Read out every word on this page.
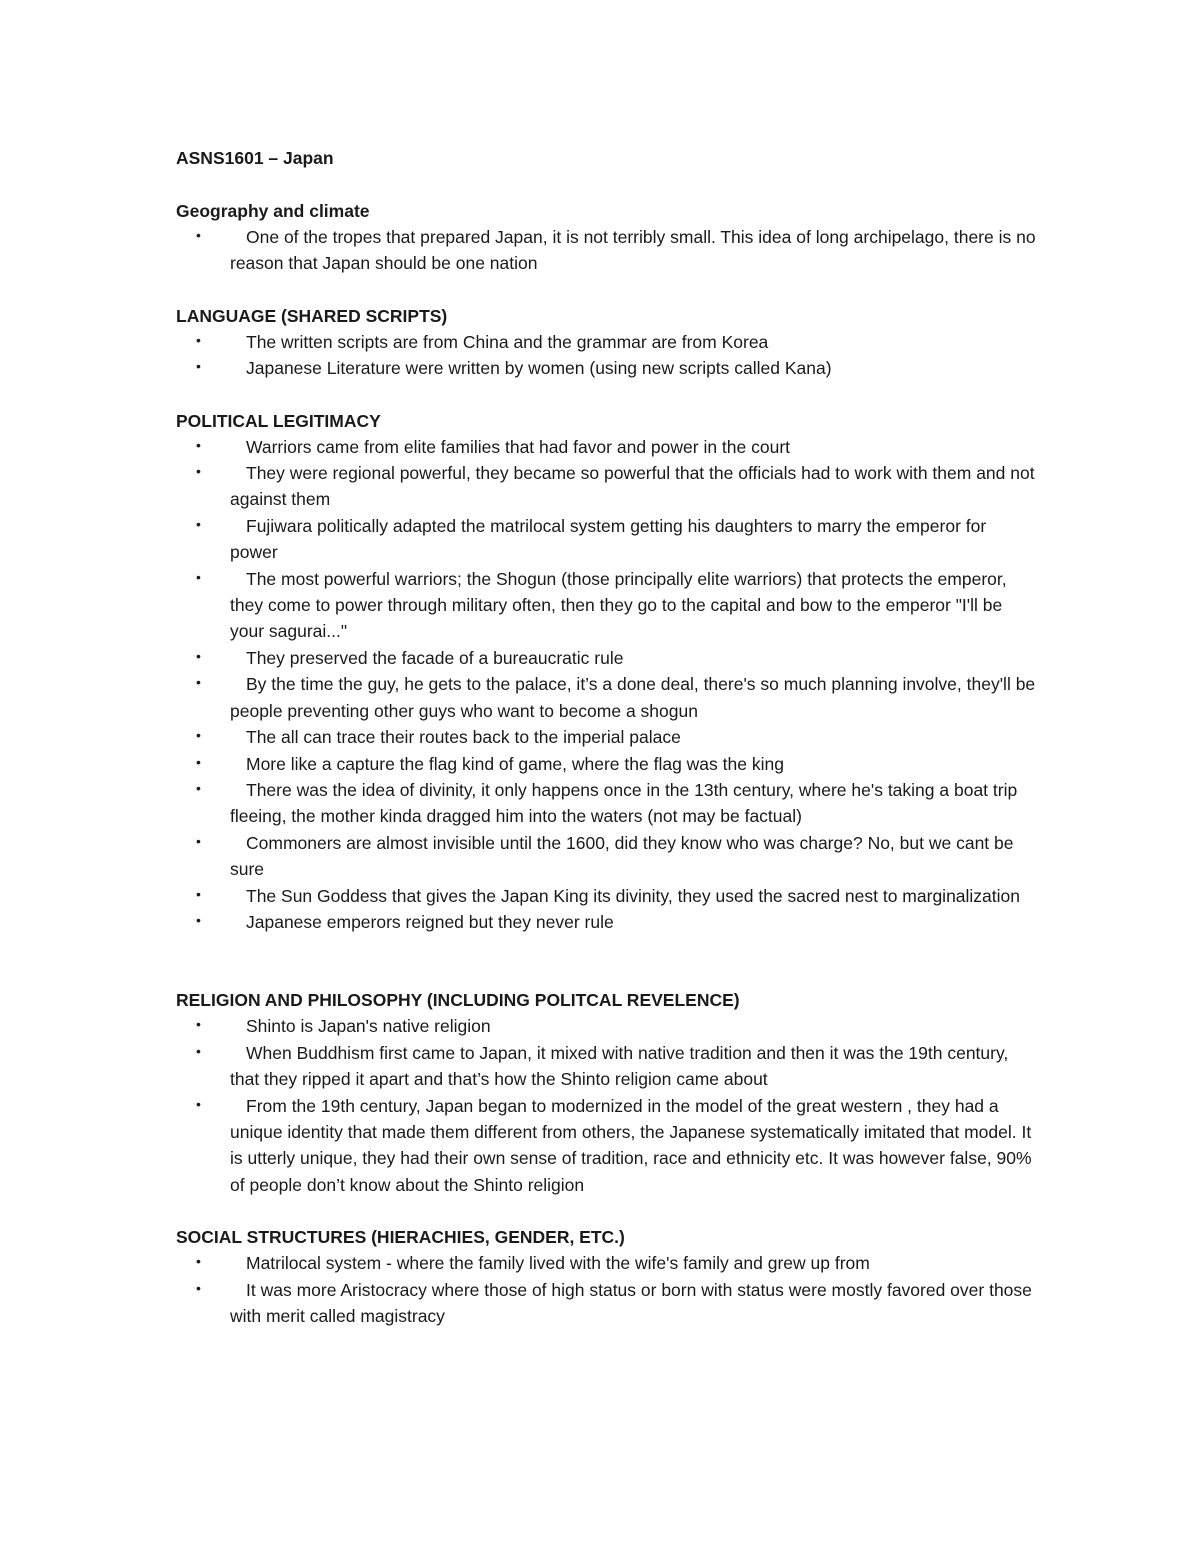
ASNS1601 – Japan
Geography and climate
•	One of the tropes that prepared Japan, it is not terribly small. This idea of long archipelago, there is no reason that Japan should be one nation
LANGUAGE (SHARED SCRIPTS)
•	The written scripts are from China and the grammar are from Korea
•	Japanese Literature were written by women (using new scripts called Kana)
POLITICAL LEGITIMACY
•	Warriors came from elite families that had favor and power in the court
•	They were regional powerful, they became so powerful that the officials had to work with them and not against them
•	Fujiwara politically adapted the matrilocal system getting his daughters to marry the emperor for power
•	The most powerful warriors; the Shogun (those principally elite warriors) that protects the emperor, they come to power through military often, then they go to the capital and bow to the emperor "I'll be your sagurai..."
•	They preserved the facade of a bureaucratic rule
•	By the time the guy, he gets to the palace, it’s a done deal, there's so much planning involve, they'll be people preventing other guys who want to become a shogun
•	The all can trace their routes back to the imperial palace
•	More like a capture the flag kind of game, where the flag was the king
•	There was the idea of divinity, it only happens once in the 13th century, where he's taking a boat trip fleeing, the mother kinda dragged him into the waters (not may be factual)
•	Commoners are almost invisible until the 1600, did they know who was charge? No, but we cant be sure
•	The Sun Goddess that gives the Japan King its divinity, they used the sacred nest to marginalization
•	Japanese emperors reigned but they never rule
RELIGION AND PHILOSOPHY (INCLUDING POLITCAL REVELENCE)
•	Shinto is Japan's native religion
•	When Buddhism first came to Japan, it mixed with native tradition and then it was the 19th century, that they ripped it apart and that’s how the Shinto religion came about
•	From the 19th century, Japan began to modernized in the model of the great western , they had a unique identity that made them different from others, the Japanese systematically imitated that model. It is utterly unique, they had their own sense of tradition, race and ethnicity etc. It was however false, 90% of people don’t know about the Shinto religion
SOCIAL STRUCTURES (HIERACHIES, GENDER, ETC.)
•	Matrilocal system - where the family lived with the wife's family and grew up from
•	It was more Aristocracy where those of high status or born with status were mostly favored over those with merit called magistracy
